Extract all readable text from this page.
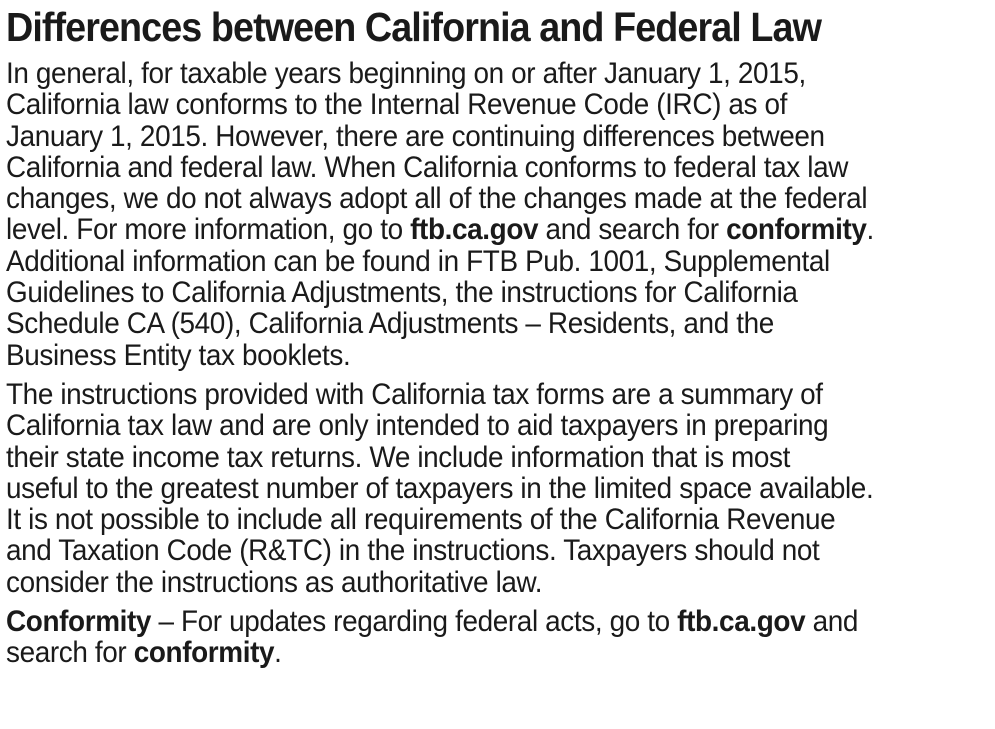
Differences between California and Federal Law

In general, for taxable years beginning on or after January 1, 2015,
California law conforms to the Internal Revenue Code (IRC) as of
January 1, 2015. However, there are continuing differences between
California and federal law. When California conforms to federal tax law
changes, we do not always adopt all of the changes made at the federal
level. For more information, go to ftb.ca.gov and search for conformity.
Additional information can be found in FTB Pub. 1001, Supplemental
Guidelines to California Adjustments, the instructions for California
Schedule CA (540), California Adjustments – Residents, and the
Business Entity tax booklets.

The instructions provided with California tax forms are a summary of
California tax law and are only intended to aid taxpayers in preparing
their state income tax returns. We include information that is most
useful to the greatest number of taxpayers in the limited space available.
It is not possible to include all requirements of the California Revenue
and Taxation Code (R&TC) in the instructions. Taxpayers should not
consider the instructions as authoritative law.

Conformity – For updates regarding federal acts, go to ftb.ca.gov and
search for conformity.
